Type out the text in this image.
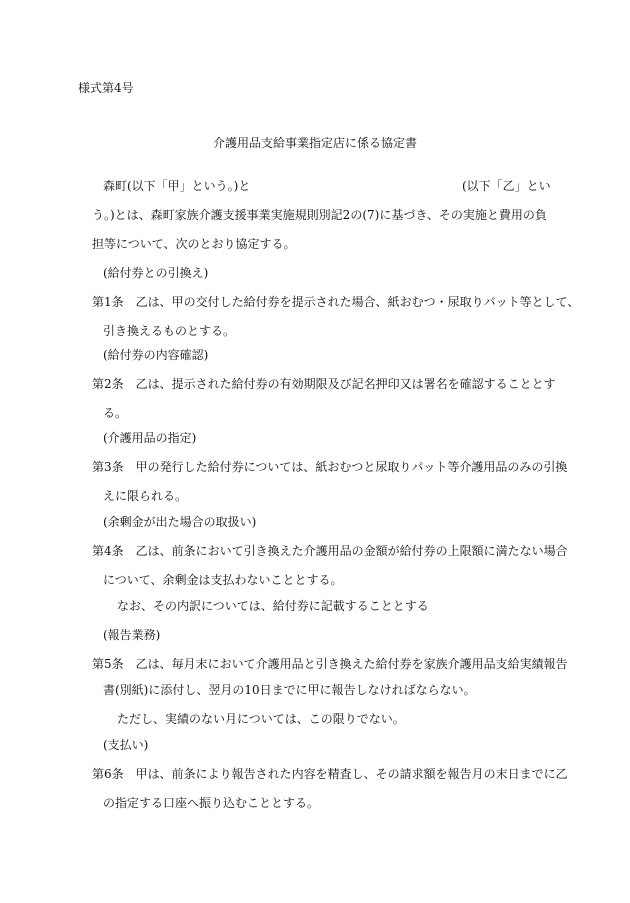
様式第4号
介護用品支給事業指定店に係る協定書
森町(以下「甲」という。)と	(以下「乙」とい
う。)とは、森町家族介護支援事業実施規則別記2の(7)に基づき、その実施と費用の負
担等について、次のとおり協定する。
(給付券との引換え)
第1条　乙は、甲の交付した給付券を提示された場合、紙おむつ・尿取りパット等として、
引き換えるものとする。
(給付券の内容確認)
第2条　乙は、提示された給付券の有効期限及び記名押印又は署名を確認することとす
る。
(介護用品の指定)
第3条　甲の発行した給付券については、紙おむつと尿取りパット等介護用品のみの引換
えに限られる。
(余剰金が出た場合の取扱い)
第4条　乙は、前条において引き換えた介護用品の金額が給付券の上限額に満たない場合
について、余剰金は支払わないこととする。
なお、その内訳については、給付券に記載することとする
(報告業務)
第5条　乙は、毎月末において介護用品と引き換えた給付券を家族介護用品支給実績報告
書(別紙)に添付し、翌月の10日までに甲に報告しなければならない。
ただし、実績のない月については、この限りでない。
(支払い)
第6条　甲は、前条により報告された内容を精査し、その請求額を報告月の末日までに乙
の指定する口座へ振り込むこととする。
